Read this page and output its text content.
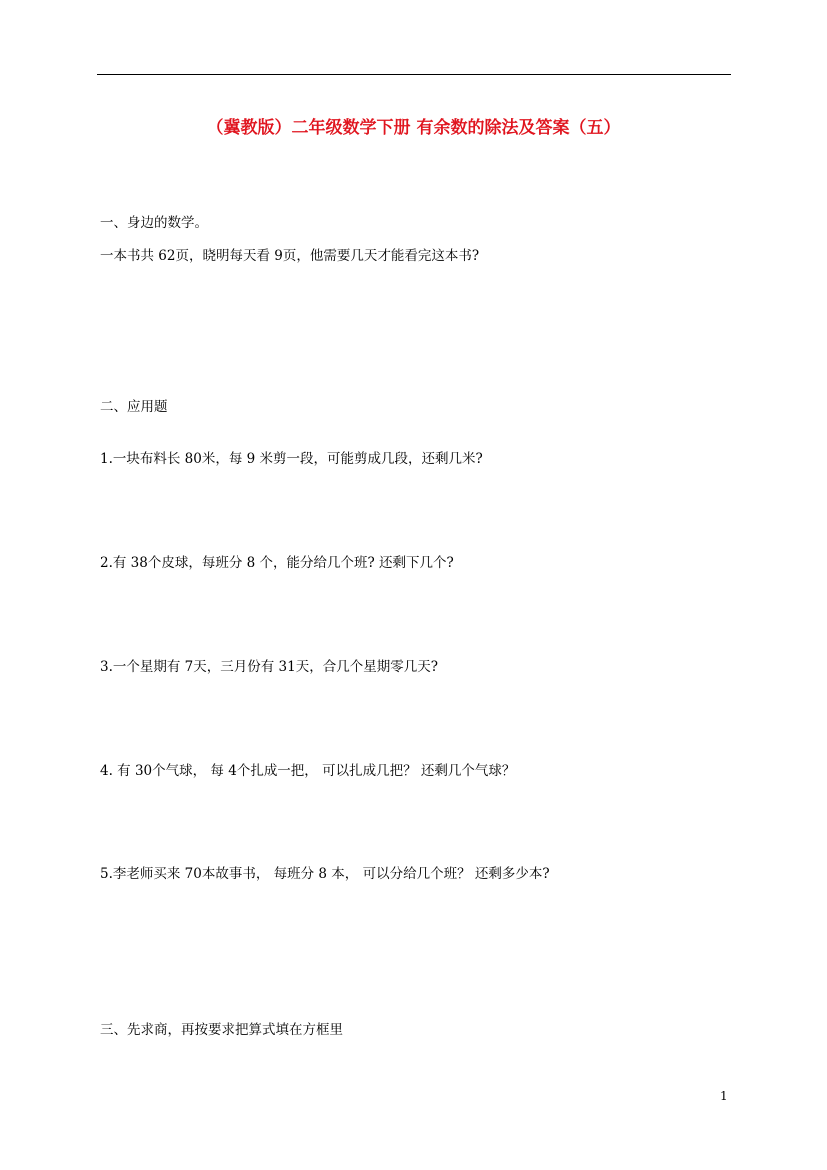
（冀教版）二年级数学下册 有余数的除法及答案（五）
一、身边的数学。
一本书共 62页，晓明每天看 9页，他需要几天才能看完这本书?
二、应用题
1.一块布料长 80米，每 9 米剪一段，可能剪成几段，还剩几米?
2.有 38个皮球，每班分 8 个，能分给几个班? 还剩下几个?
3.一个星期有 7天，三月份有 31天，合几个星期零几天?
4. 有 30个气球， 每 4个扎成一把， 可以扎成几把？ 还剩几个气球？
5.李老师买来 70本故事书， 每班分 8 本， 可以分给几个班？ 还剩多少本?
三、先求商，再按要求把算式填在方框里
1
